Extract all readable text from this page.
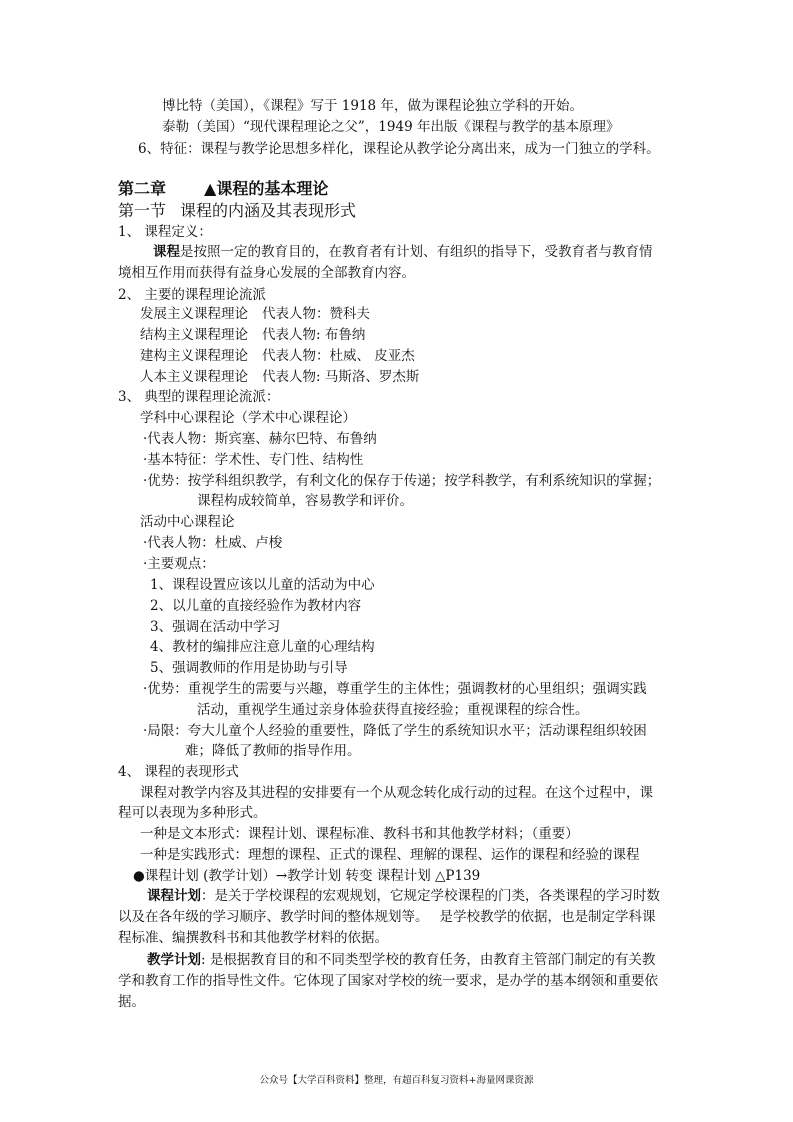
博比特（美国），《课程》写于 1918 年，做为课程论独立学科的开始。
泰勒（美国）“现代课程理论之父”，1949 年出版《课程与教学的基本原理》
6、特征：课程与教学论思想多样化，课程论从教学论分离出来，成为一门独立的学科。
第二章 ▲课程的基本理论
第一节 课程的内涵及其表现形式
1、 课程定义：
课程是按照一定的教育目的，在教育者有计划、有组织的指导下，受教育者与教育情
境相互作用而获得有益身心发展的全部教育内容。
2、 主要的课程理论流派
发展主义课程理论 代表人物：赞科夫
结构主义课程理论 代表人物: 布鲁纳
建构主义课程理论 代表人物：杜威、 皮亚杰
人本主义课程理论 代表人物: 马斯洛、罗杰斯
3、 典型的课程理论流派：
学科中心课程论（学术中心课程论）
·代表人物：斯宾塞、赫尔巴特、布鲁纳
·基本特征：学术性、专门性、结构性
·优势：按学科组织教学，有利文化的保存于传递；按学科教学，有利系统知识的掌握；
课程构成较简单，容易教学和评价。
活动中心课程论
·代表人物：杜威、卢梭
·主要观点：
1、课程设置应该以儿童的活动为中心
2、以儿童的直接经验作为教材内容
3、强调在活动中学习
4、教材的编排应注意儿童的心理结构
5、强调教师的作用是协助与引导
·优势：重视学生的需要与兴趣，尊重学生的主体性；强调教材的心里组织；强调实践
活动，重视学生通过亲身体验获得直接经验；重视课程的综合性。
·局限：夸大儿童个人经验的重要性，降低了学生的系统知识水平；活动课程组织较困
难；降低了教师的指导作用。
4、 课程的表现形式
课程对教学内容及其进程的安排要有一个从观念转化成行动的过程。在这个过程中，课
程可以表现为多种形式。
一种是文本形式：课程计划、课程标准、教科书和其他教学材料；（重要）
一种是实践形式：理想的课程、正式的课程、理解的课程、运作的课程和经验的课程
●课程计划 (教学计划）→教学计划 转变 课程计划 △P139
课程计划：是关于学校课程的宏观规划，它规定学校课程的门类，各类课程的学习时数
以及在各年级的学习顺序、教学时间的整体规划等。　 是学校教学的依据，也是制定学科课
程标准、编撰教科书和其他教学材料的依据。
教学计划: 是根据教育目的和不同类型学校的教育任务，由教育主管部门制定的有关教
学和教育工作的指导性文件。它体现了国家对学校的统一要求，是办学的基本纲领和重要依
据。
公众号【大学百科资料】整理，有超百科复习资料+海量网课资源
